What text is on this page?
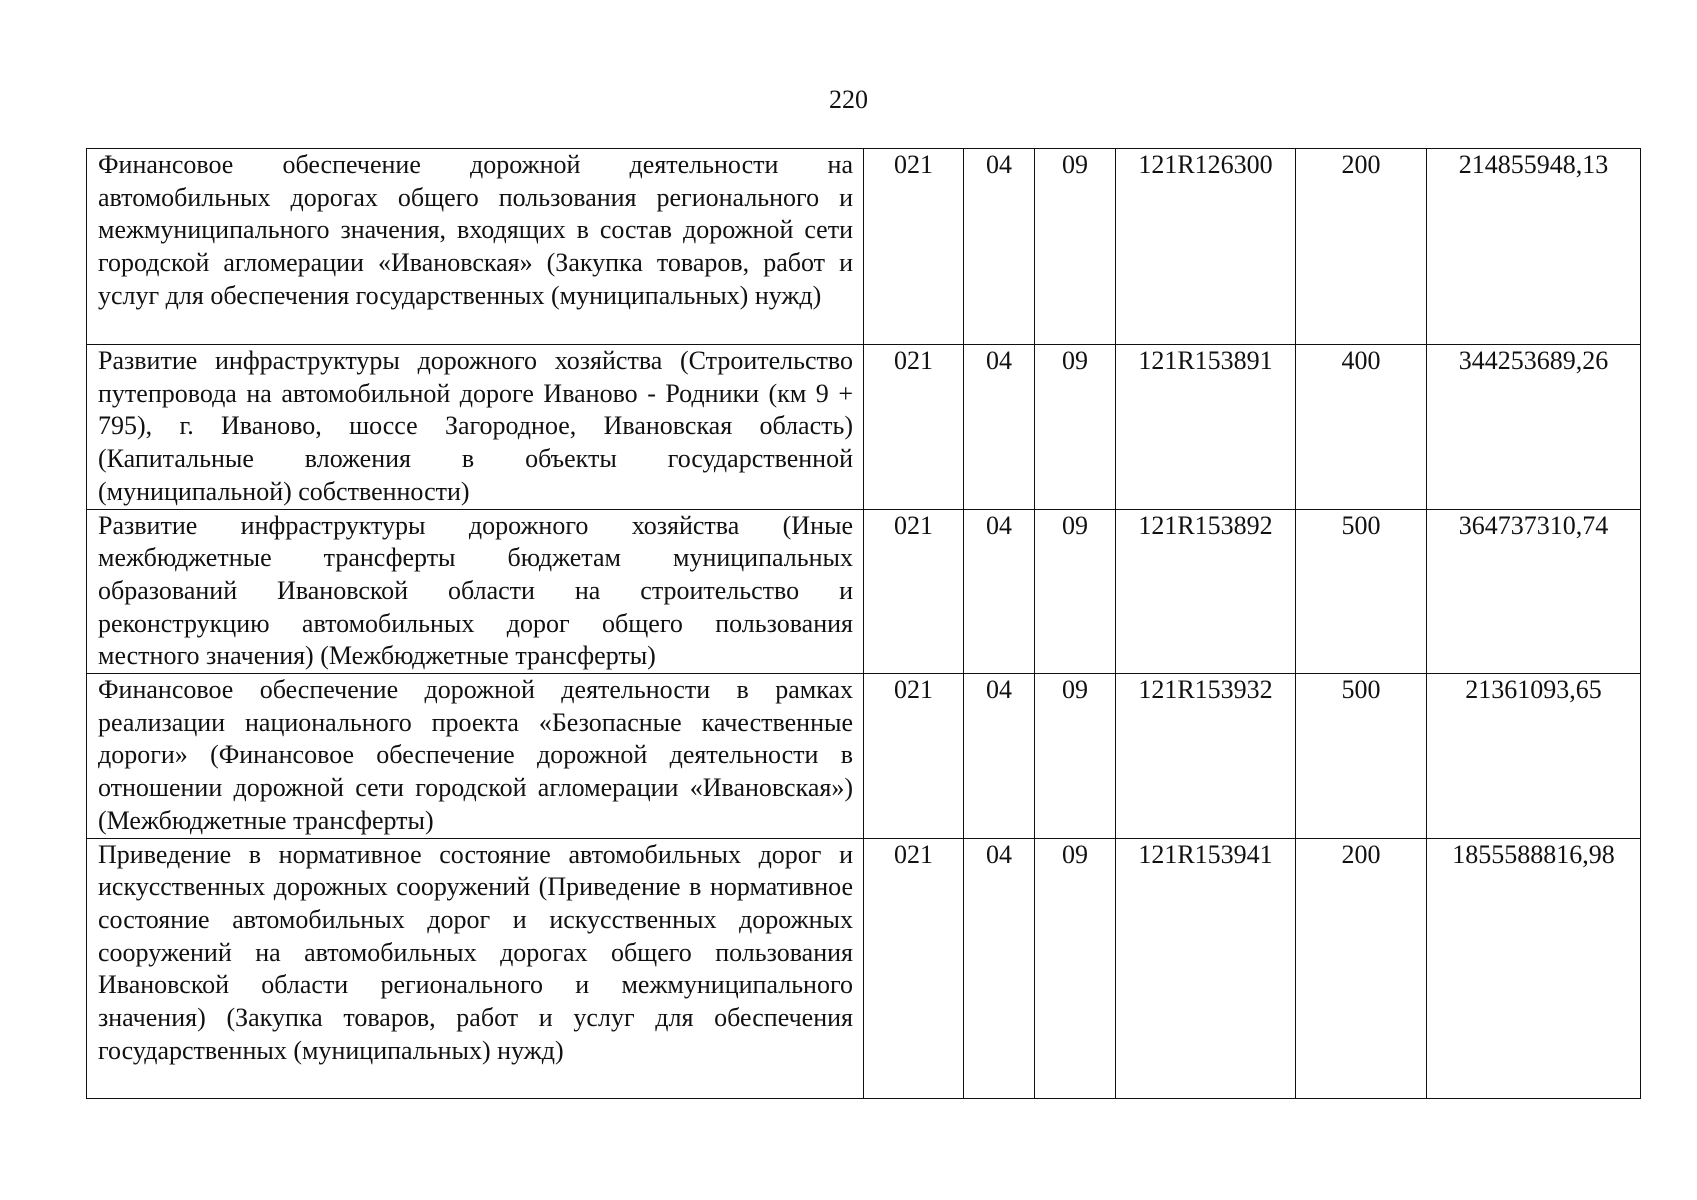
220
Финансовое обеспечение дорожной деятельности на автомобильных дорогах общего пользования регионального и межмуниципального значения, входящих в состав дорожной сети городской агломерации «Ивановская» (Закупка товаров, работ и услуг для обеспечения государственных (муниципальных) нужд)	021	04	09	121R126300	200	214855948,13
Развитие инфраструктуры дорожного хозяйства (Строительство путепровода на автомобильной дороге Иваново - Родники (км 9 + 795), г. Иваново, шоссе Загородное, Ивановская область) (Капитальные вложения в объекты государственной (муниципальной) собственности)	021	04	09	121R153891	400	344253689,26
Развитие инфраструктуры дорожного хозяйства (Иные межбюджетные трансферты бюджетам муниципальных образований Ивановской области на строительство и реконструкцию автомобильных дорог общего пользования местного значения) (Межбюджетные трансферты)	021	04	09	121R153892	500	364737310,74
Финансовое обеспечение дорожной деятельности в рамках реализации национального проекта «Безопасные качественные дороги» (Финансовое обеспечение дорожной деятельности в отношении дорожной сети городской агломерации «Ивановская») (Межбюджетные трансферты)	021	04	09	121R153932	500	21361093,65
Приведение в нормативное состояние автомобильных дорог и искусственных дорожных сооружений (Приведение в нормативное состояние автомобильных дорог и искусственных дорожных сооружений на автомобильных дорогах общего пользования Ивановской области регионального и межмуниципального значения) (Закупка товаров, работ и услуг для обеспечения государственных (муниципальных) нужд)	021	04	09	121R153941	200	1855588816,98
